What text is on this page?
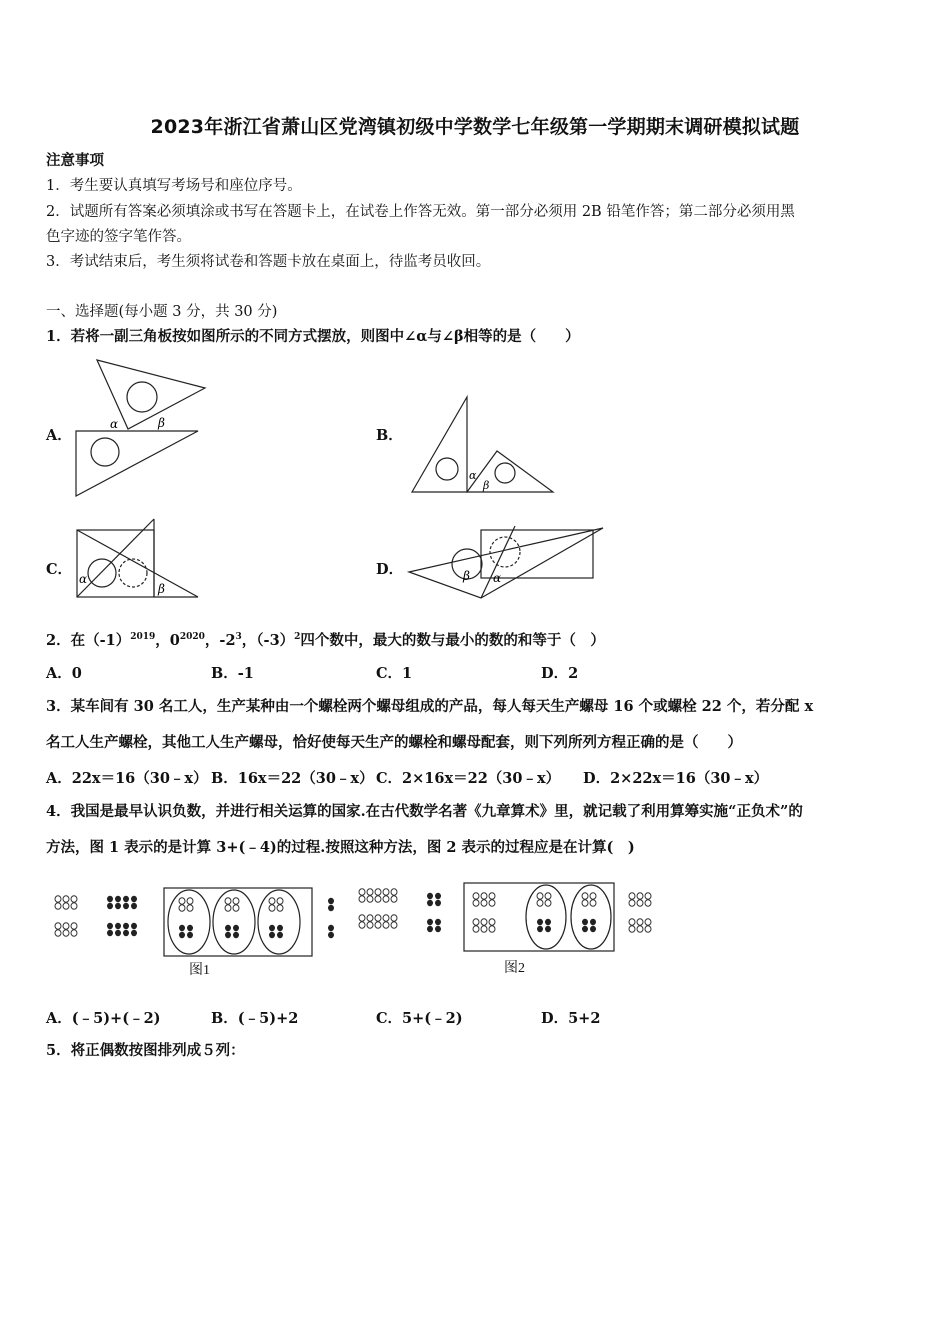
2023年浙江省萧山区党湾镇初级中学数学七年级第一学期期末调研模拟试题
注意事项
1．考生要认真填写考场号和座位序号。
2．试题所有答案必须填涂或书写在答题卡上，在试卷上作答无效。第一部分必须用 2B 铅笔作答；第二部分必须用黑
色字迹的签字笔作答。
3．考试结束后，考生须将试卷和答题卡放在桌面上，待监考员收回。
一、选择题(每小题 3 分，共 30 分)
1．若将一副三角板按如图所示的不同方式摆放，则图中∠α与∠β相等的是（　　）
A．	B．
C．	D．
α	β
α
β
α
β
β α
2．在$(-1)^{2019}$，$0^{2020}$，$-2^3$，$(-3)^2$四个数中，最大的数与最小的数的和等于（　）
A．0	B．-1	C．1	D．2
3．某车间有 30 名工人，生产某种由一个螺栓两个螺母组成的产品，每人每天生产螺母 16 个或螺栓 22 个，若分配 x
名工人生产螺栓，其他工人生产螺母，恰好使每天生产的螺栓和螺母配套，则下列所列方程正确的是（　　）
A．22x＝16（30﹣x） B．16x＝22（30﹣x） C．2×16x＝22（30﹣x） D．2×22x＝16（30﹣x）
4．我国是最早认识负数，并进行相关运算的国家.在古代数学名著《九章算术》里，就记载了利用算筹实施“正负术”的
方法，图 1 表示的是计算 3+(﹣4)的过程.按照这种方法，图 2 表示的过程应是在计算(　)
图1	图2
A．(﹣5)+(﹣2)	B．(﹣5)+2	C．5+(﹣2)	D．5+2
5．将正偶数按图排列成５列：
